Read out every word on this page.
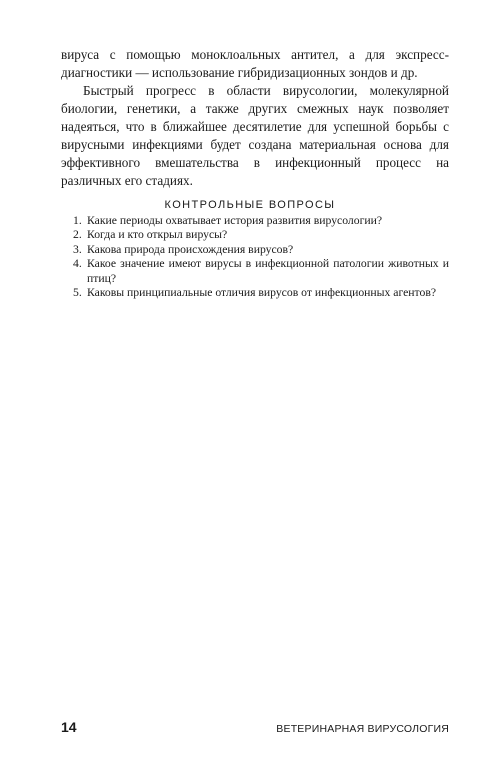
вируса с помощью моноклоальных антител, а для экспресс-диагностики — использование гибридизационных зондов и др.

Быстрый прогресс в области вирусологии, молекулярной биологии, генетики, а также других смежных наук позволяет надеяться, что в ближайшее десятилетие для успешной борьбы с вирусными инфекциями будет создана материальная основа для эффективного вмешательства в инфекционный процесс на различных его стадиях.

КОНТРОЛЬНЫЕ ВОПРОСЫ
1. Какие периоды охватывает история развития вирусологии?
2. Когда и кто открыл вирусы?
3. Какова природа происхождения вирусов?
4. Какое значение имеют вирусы в инфекционной патологии животных и птиц?
5. Каковы принципиальные отличия вирусов от инфекционных агентов?
14	ВЕТЕРИНАРНАЯ ВИРУСОЛОГИЯ
